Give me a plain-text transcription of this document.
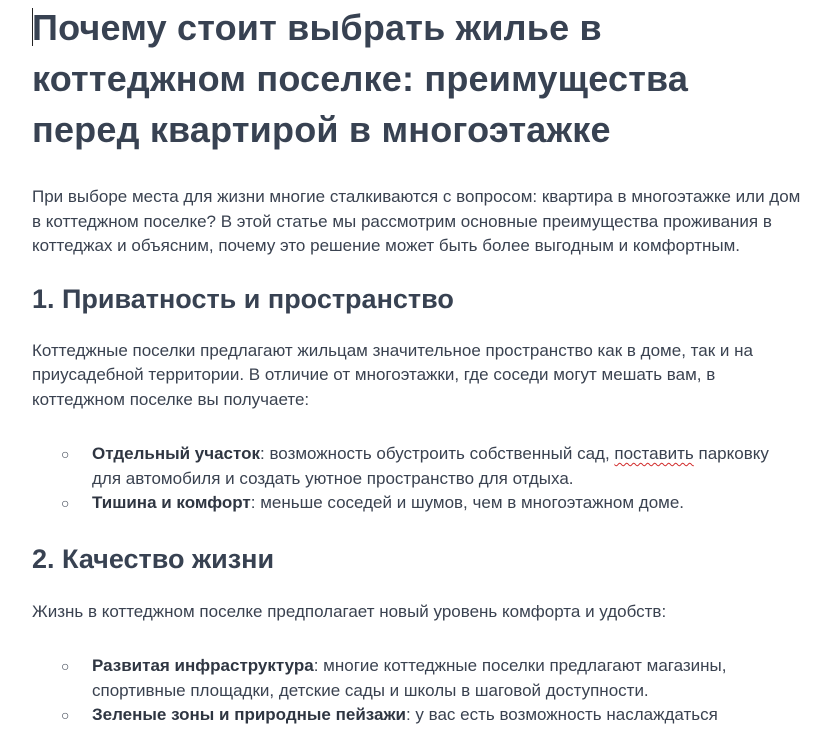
Почему стоит выбрать жилье в коттеджном поселке: преимущества перед квартирой в многоэтажке

При выборе места для жизни многие сталкиваются с вопросом: квартира в многоэтажке или дом в коттеджном поселке? В этой статье мы рассмотрим основные преимущества проживания в коттеджах и объясним, почему это решение может быть более выгодным и комфортным.

1. Приватность и пространство

Коттеджные поселки предлагают жильцам значительное пространство как в доме, так и на приусадебной территории. В отличие от многоэтажки, где соседи могут мешать вам, в коттеджном поселке вы получаете:

○ Отдельный участок: возможность обустроить собственный сад, поставить парковку для автомобиля и создать уютное пространство для отдыха.
○ Тишина и комфорт: меньше соседей и шумов, чем в многоэтажном доме.
2. Качество жизни

Жизнь в коттеджном поселке предполагает новый уровень комфорта и удобств:

○ Развитая инфраструктура: многие коттеджные поселки предлагают магазины, спортивные площадки, детские сады и школы в шаговой доступности.
○ Зеленые зоны и природные пейзажи: у вас есть возможность наслаждаться
